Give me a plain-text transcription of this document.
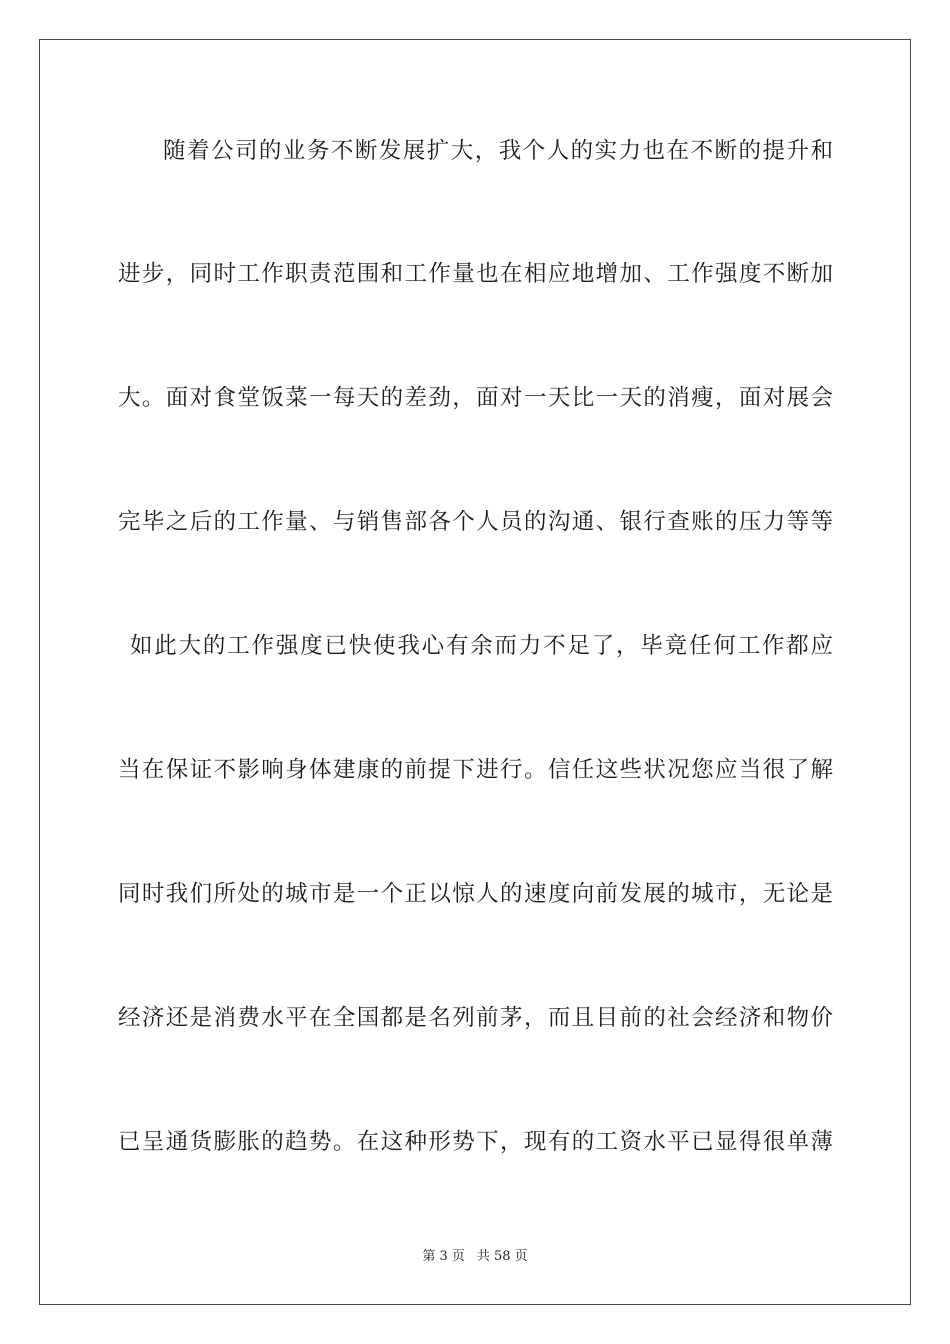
随着公司的业务不断发展扩大，我个人的实力也在不断的提升和
进步，同时工作职责范围和工作量也在相应地增加、工作强度不断加
大。面对食堂饭菜一每天的差劲，面对一天比一天的消瘦，面对展会
完毕之后的工作量、与销售部各个人员的沟通、银行查账的压力等等
如此大的工作强度已快使我心有余而力不足了，毕竟任何工作都应
当在保证不影响身体建康的前提下进行。信任这些状况您应当很了解
同时我们所处的城市是一个正以惊人的速度向前发展的城市，无论是
经济还是消费水平在全国都是名列前茅，而且目前的社会经济和物价
已呈通货膨胀的趋势。在这种形势下，现有的工资水平已显得很单薄
第 3 页 共 58 页
